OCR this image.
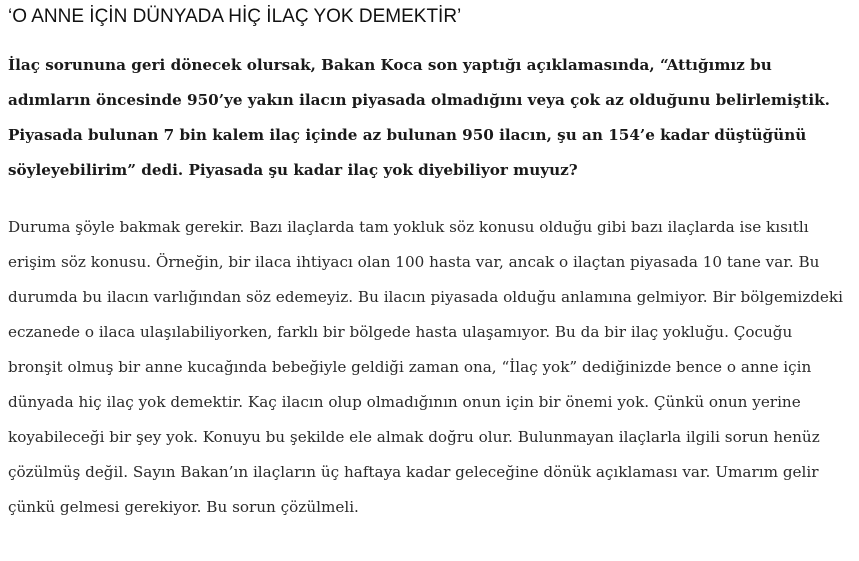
‘O ANNE İÇİN DÜNYADA HİÇ İLAÇ YOK DEMEKTİR’

İlaç sorununa geri dönecek olursak, Bakan Koca son yaptığı açıklamasında, “Attığımız bu adımların öncesinde 950’ye yakın ilacın piyasada olmadığını veya çok az olduğunu belirlemiştik. Piyasada bulunan 7 bin kalem ilaç içinde az bulunan 950 ilacın, şu an 154’e kadar düştüğünü söyleyebilirim” dedi. Piyasada şu kadar ilaç yok diyebiliyor muyuz?

Duruma şöyle bakmak gerekir. Bazı ilaçlarda tam yokluk söz konusu olduğu gibi bazı ilaçlarda ise kısıtlı erişim söz konusu. Örneğin, bir ilaca ihtiyacı olan 100 hasta var, ancak o ilaçtan piyasada 10 tane var. Bu durumda bu ilacın varlığından söz edemeyiz. Bu ilacın piyasada olduğu anlamına gelmiyor. Bir bölgemizdeki eczanede o ilaca ulaşılabiliyorken, farklı bir bölgede hasta ulaşamıyor. Bu da bir ilaç yokluğu. Çocuğu bronşit olmuş bir anne kucağında bebeğiyle geldiği zaman ona, “İlaç yok” dediğinizde bence o anne için dünyada hiç ilaç yok demektir. Kaç ilacın olup olmadığının onun için bir önemi yok. Çünkü onun yerine koyabileceği bir şey yok. Konuyu bu şekilde ele almak doğru olur. Bulunmayan ilaçlarla ilgili sorun henüz çözülmüş değil. Sayın Bakan’ın ilaçların üç haftaya kadar geleceğine dönük açıklaması var. Umarım gelir çünkü gelmesi gerekiyor. Bu sorun çözülmeli.
